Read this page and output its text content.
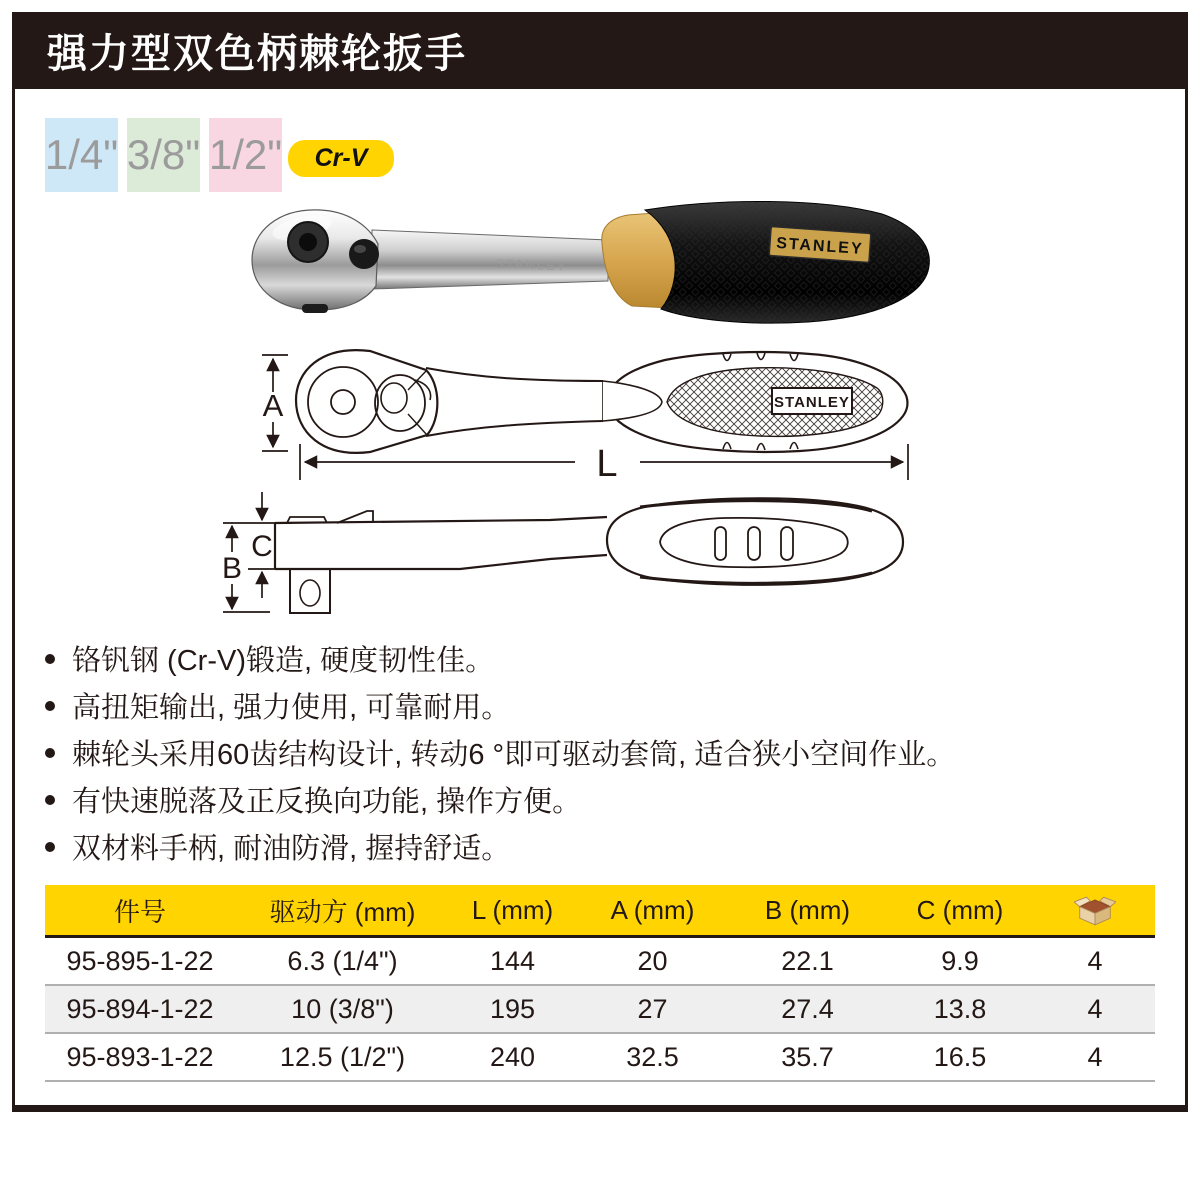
强力型双色柄棘轮扳手
1/4" 3/8" 1/2"	Cr-V
STANLEY
STANLEY
STANLEY
A
L
C
B
铬钒钢 (Cr-V)锻造, 硬度韧性佳。
高扭矩输出, 强力使用, 可靠耐用。
棘轮头采用60齿结构设计, 转动6 °即可驱动套筒, 适合狭小空间作业。
有快速脱落及正反换向功能, 操作方便。
双材料手柄, 耐油防滑, 握持舒适。
件号	驱动方 (mm)	L (mm)	A (mm)	B (mm)	C (mm)
95-895-1-22	6.3 (1/4")	144	20	22.1	9.9	4
95-894-1-22	10 (3/8")	195	27	27.4	13.8	4
95-893-1-22	12.5 (1/2")	240	32.5	35.7	16.5	4
